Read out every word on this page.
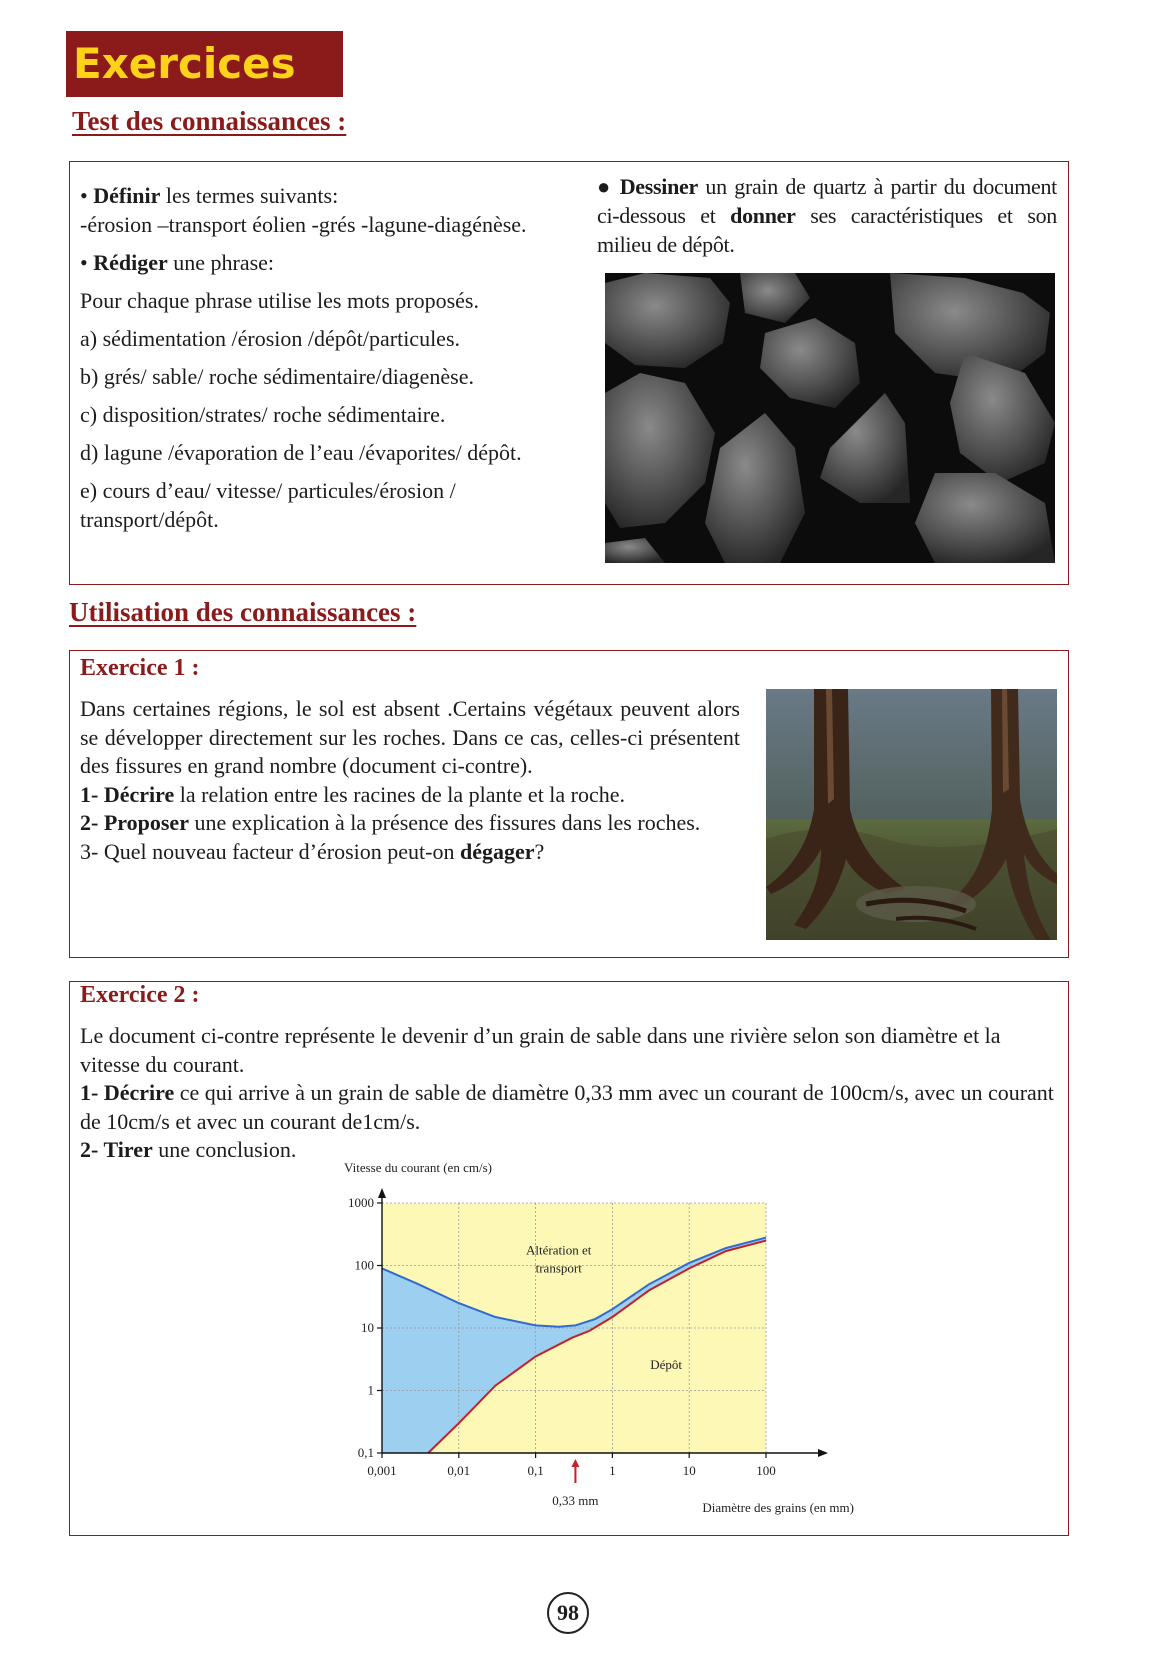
Exercices
Test des connaissances :

• Définir les termes suivants:

-érosion –transport éolien -grés -lagune-diagénèse.

• Rédiger une phrase:

Pour chaque phrase utilise les mots proposés.

a) sédimentation /érosion /dépôt/particules.

b) grés/ sable/ roche sédimentaire/diagenèse.

c) disposition/strates/ roche sédimentaire.

d) lagune /évaporation de l’eau /évaporites/ dépôt.

e) cours d’eau/ vitesse/ particules/érosion / transport/dépôt.

● Dessiner un grain de quartz à partir du document ci-dessous et donner ses caractéristiques et son milieu de dépôt.

Utilisation des connaissances :
Exercice 1 :

Dans certaines régions, le sol est absent .Certains végétaux peuvent alors se développer directement sur les roches. Dans ce cas, celles-ci présentent des fissures en grand nombre (document ci-contre).

1- Décrire la relation entre les racines de la plante et la roche.

2- Proposer une explication à la présence des fissures dans les roches.

3- Quel nouveau facteur d’érosion peut-on dégager?

Exercice 2 :

Le document ci-contre représente le devenir d’un grain de sable dans une rivière selon son diamètre et la vitesse du courant.

1- Décrire ce qui arrive à un grain de sable de diamètre 0,33 mm avec un courant de 100cm/s, avec un courant de 10cm/s et avec un courant de1cm/s.

2- Tirer une conclusion.

0,001	0,01	0,1	1	10	100
1000
100
10
1
0,1
Vitesse du courant (en cm/s)
Diamètre des grains (en mm)
Altération et
transport
Dépôt
0,33 mm
98
